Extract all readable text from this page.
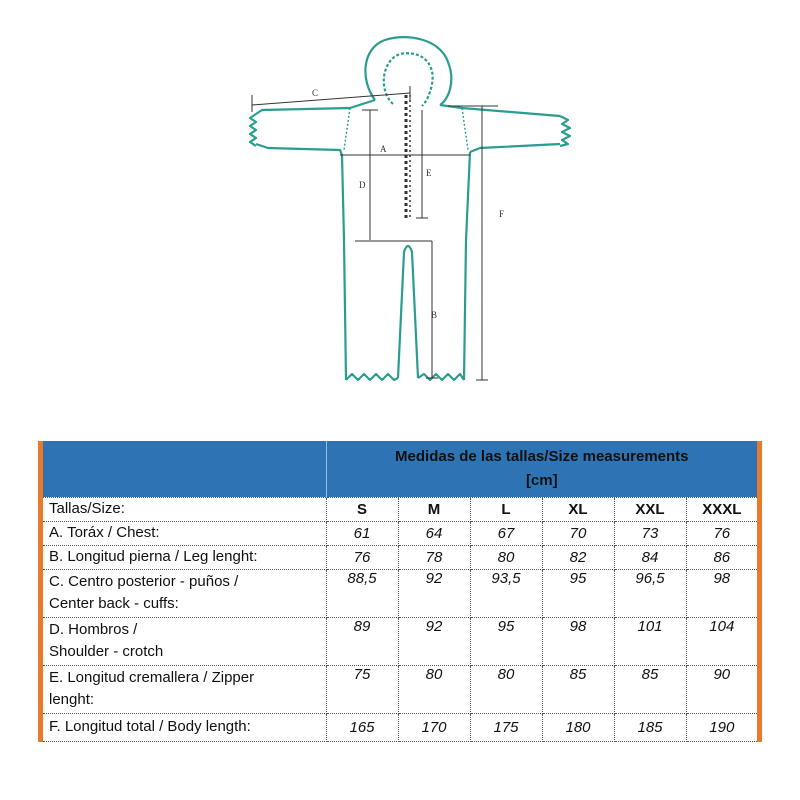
C
A
D
E
F
B

	Medidas de las tallas/Size measurements
[cm]					

Tallas/Size:	S	M	L	XL	XXL	XXXL

A. Toráx / Chest:	61	64	67	70	73	76

B. Longitud pierna / Leg lenght:	76	78	80	82	84	86

C. Centro posterior - puños /
Center back - cuffs:	88,5	92	93,5	95	96,5	98

D. Hombros /
Shoulder - crotch	89	92	95	98	101	104

E. Longitud cremallera / Zipper
lenght:	75	80	80	85	85	90

F. Longitud total / Body length:	165	170	175	180	185	190
